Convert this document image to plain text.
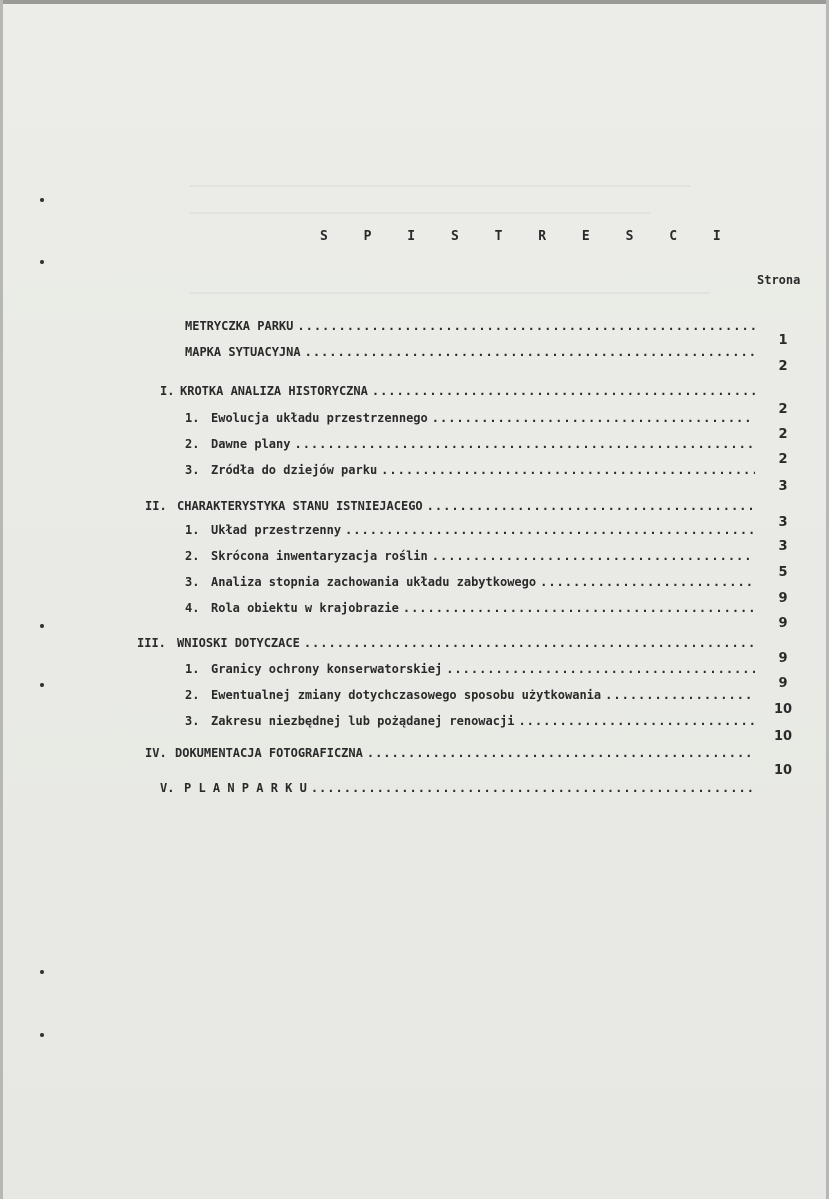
S P I S T R E S C I
Strona
METRYCZKA PARKU
.....
MAPKA SYTUACYJNA
.....
I. KROTKA ANALIZA HISTORYCZNA
.....
1. Ewolucja układu przestrzennego
.....
2. Dawne plany
.....
3. Zródła do dziejów parku
.....
II. CHARAKTERYSTYKA STANU ISTNIEJACEGO
.....
1. Układ przestrzenny
.....
2. Skrócona inwentaryzacja roślin
.....
3. Analiza stopnia zachowania układu zabytkowego
.....
4. Rola obiektu w krajobrazie
.....
III. WNIOSKI DOTYCZACE
.....
1. Granicy ochrony konserwatorskiej
.....
2. Ewentualnej zmiany dotychczasowego sposobu użytkowania
.....
3. Zakresu niezbędnej lub pożądanej renowacji
.....
IV. DOKUMENTACJA FOTOGRAFICZNA
.....
V. P L A N P A R K U
.....
1
2
2
2
2
3
3
3
5
9
9
9
9
10
10
10
